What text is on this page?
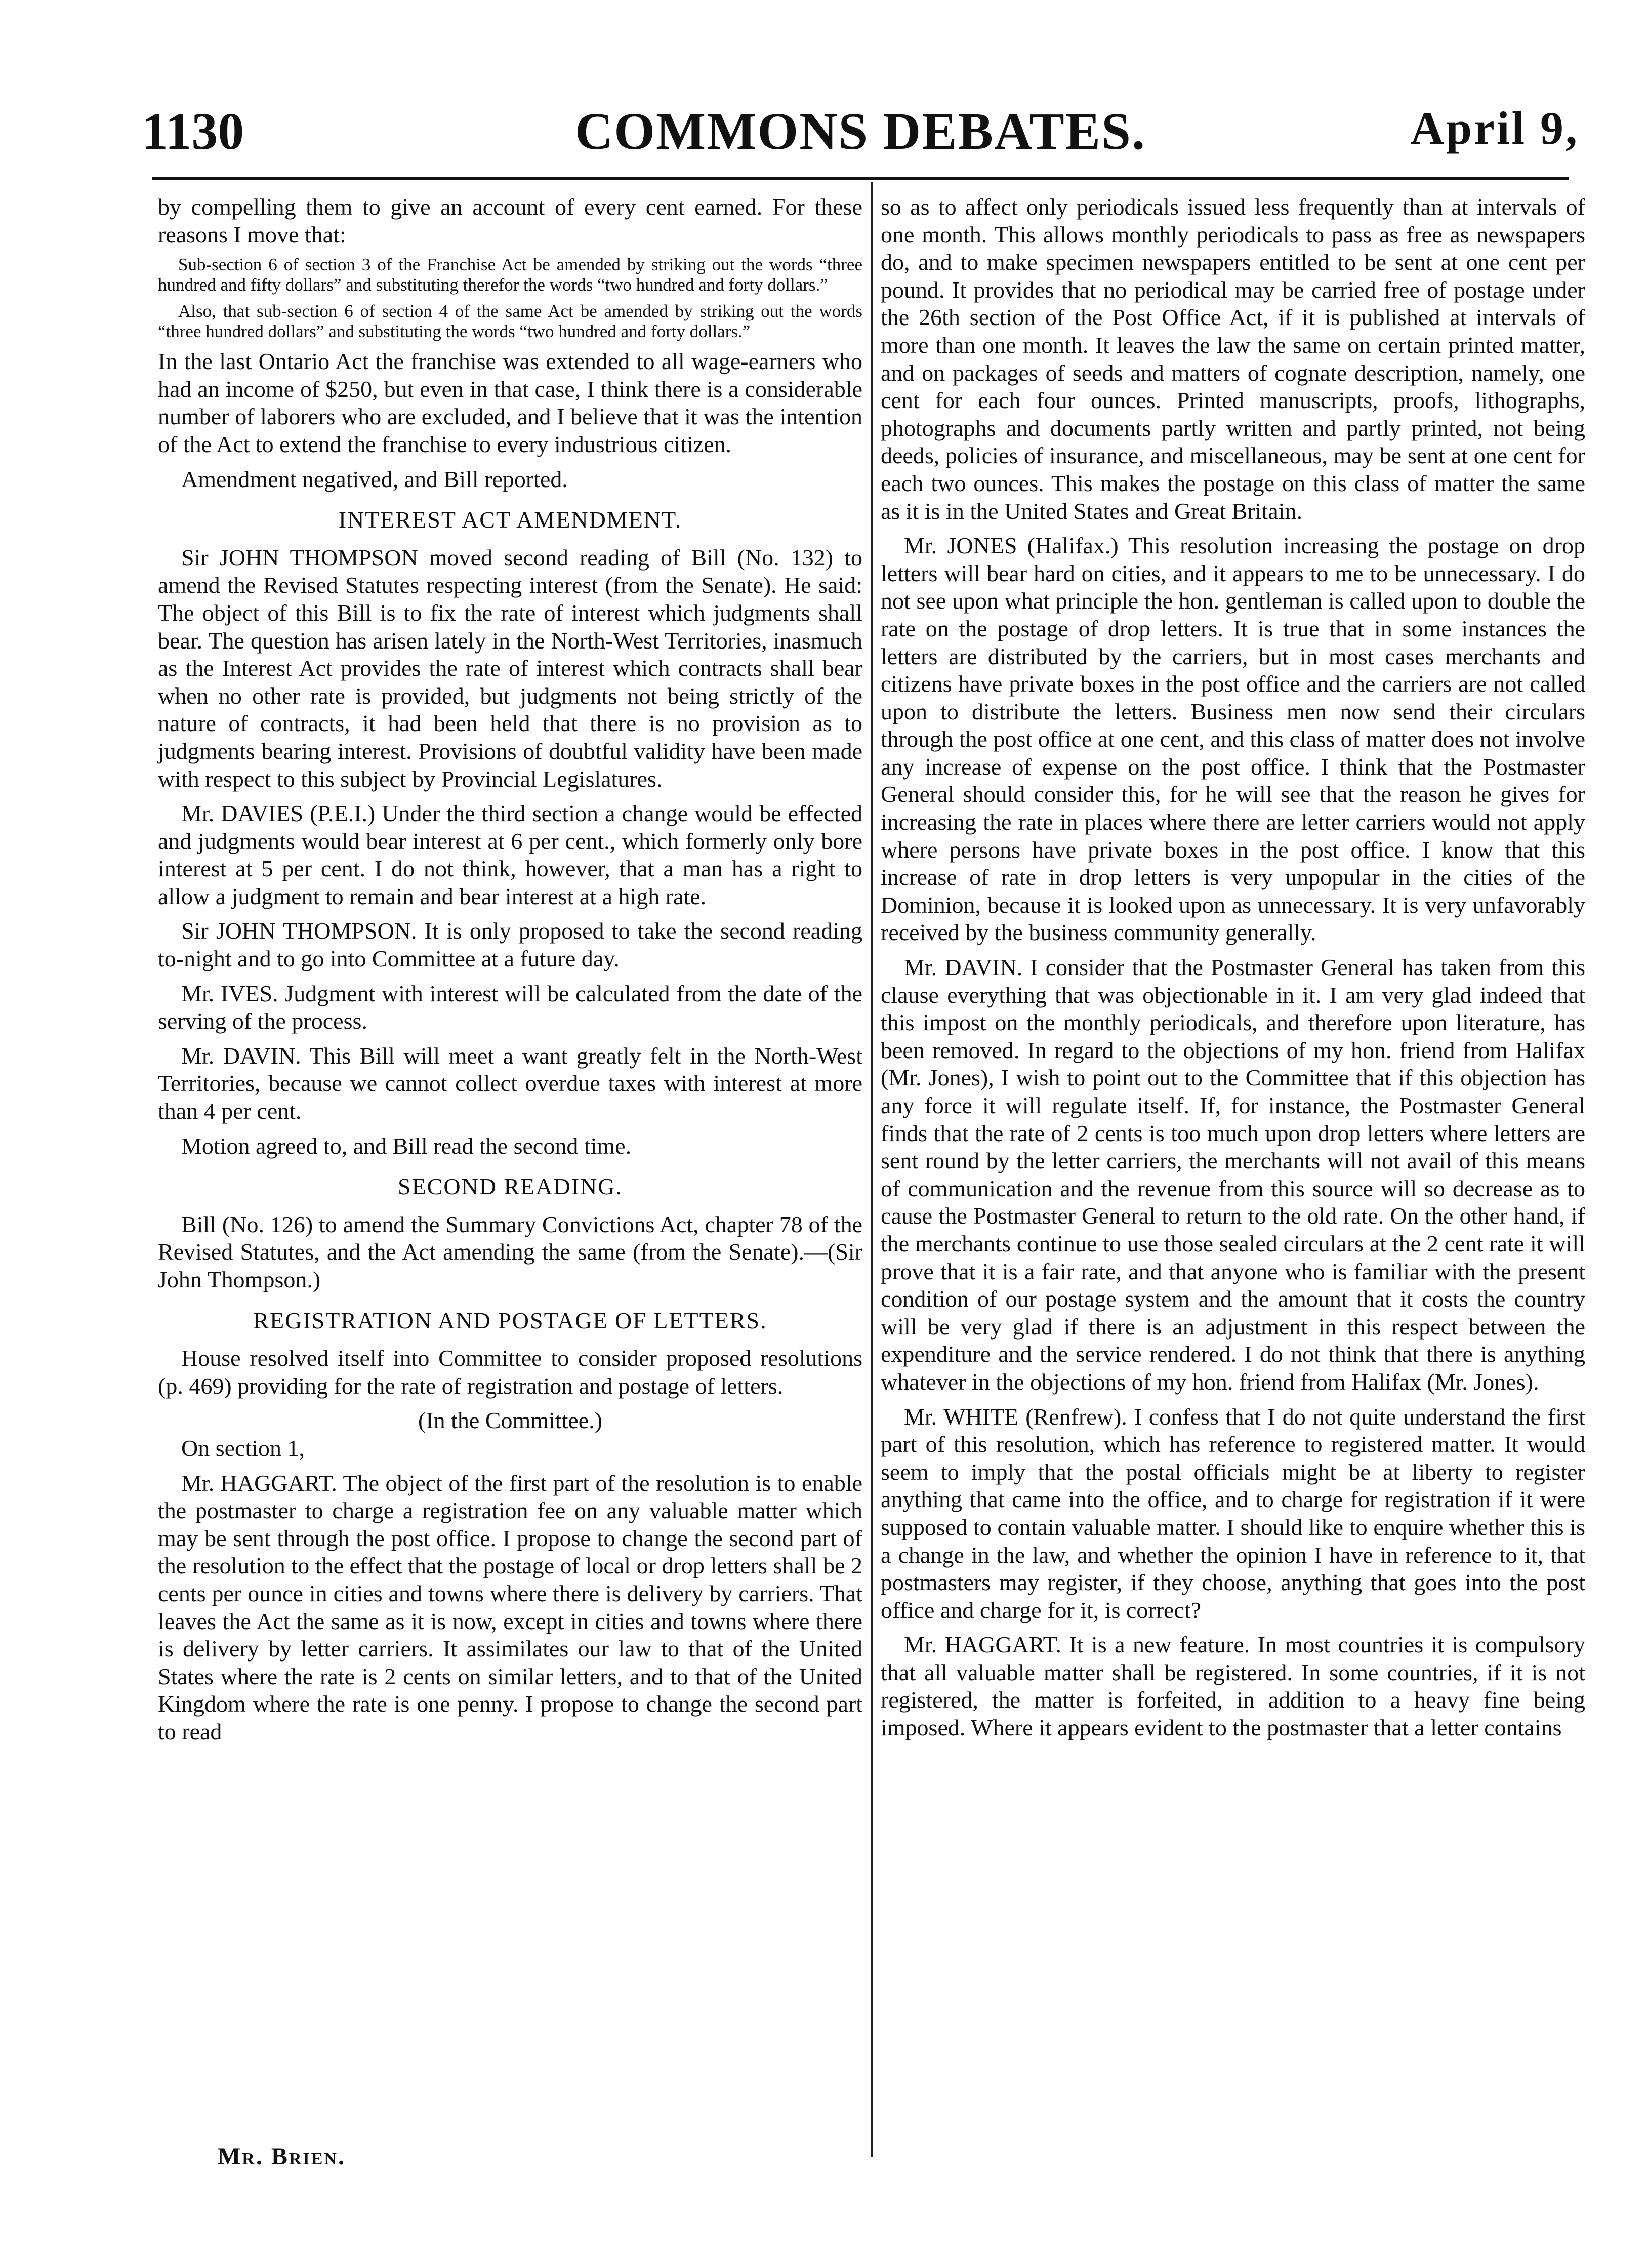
COMMONS DEBATES.
1130	April 9,

by compelling them to give an account of every cent earned. For these reasons I move that:

Sub-section 6 of section 3 of the Franchise Act be amended by striking out the words “three hundred and fifty dollars” and substituting therefor the words “two hundred and forty dollars.”

Also, that sub-section 6 of section 4 of the same Act be amended by striking out the words “three hundred dollars” and substituting the words “two hundred and forty dollars.”

In the last Ontario Act the franchise was extended to all wage-earners who had an income of $250, but even in that case, I think there is a considerable number of laborers who are excluded, and I believe that it was the intention of the Act to extend the franchise to every industrious citizen.

Amendment negatived, and Bill reported.

INTEREST ACT AMENDMENT.

Sir JOHN THOMPSON moved second reading of Bill (No. 132) to amend the Revised Statutes respecting interest (from the Senate). He said: The object of this Bill is to fix the rate of interest which judgments shall bear. The question has arisen lately in the North-West Territories, inasmuch as the Interest Act provides the rate of interest which contracts shall bear when no other rate is provided, but judgments not being strictly of the nature of contracts, it had been held that there is no provision as to judgments bearing interest. Provisions of doubtful validity have been made with respect to this subject by Provincial Legislatures.

Mr. DAVIES (P.E.I.) Under the third section a change would be effected and judgments would bear interest at 6 per cent., which formerly only bore interest at 5 per cent. I do not think, however, that a man has a right to allow a judgment to remain and bear interest at a high rate.

Sir JOHN THOMPSON. It is only proposed to take the second reading to-night and to go into Committee at a future day.

Mr. IVES. Judgment with interest will be calculated from the date of the serving of the process.

Mr. DAVIN. This Bill will meet a want greatly felt in the North-West Territories, because we cannot collect overdue taxes with interest at more than 4 per cent.

Motion agreed to, and Bill read the second time.

SECOND READING.

Bill (No. 126) to amend the Summary Convictions Act, chapter 78 of the Revised Statutes, and the Act amending the same (from the Senate).—(Sir John Thompson.)

REGISTRATION AND POSTAGE OF LETTERS.

House resolved itself into Committee to consider proposed resolutions (p. 469) providing for the rate of registration and postage of letters.

(In the Committee.)

On section 1,

Mr. HAGGART. The object of the first part of the resolution is to enable the postmaster to charge a registration fee on any valuable matter which may be sent through the post office. I propose to change the second part of the resolution to the effect that the postage of local or drop letters shall be 2 cents per ounce in cities and towns where there is delivery by carriers. That leaves the Act the same as it is now, except in cities and towns where there is delivery by letter carriers. It assimilates our law to that of the United States where the rate is 2 cents on similar letters, and to that of the United Kingdom where the rate is one penny. I propose to change the second part to read

so as to affect only periodicals issued less frequently than at intervals of one month. This allows monthly periodicals to pass as free as newspapers do, and to make specimen newspapers entitled to be sent at one cent per pound. It provides that no periodical may be carried free of postage under the 26th section of the Post Office Act, if it is published at intervals of more than one month. It leaves the law the same on certain printed matter, and on packages of seeds and matters of cognate description, namely, one cent for each four ounces. Printed manuscripts, proofs, lithographs, photographs and documents partly written and partly printed, not being deeds, policies of insurance, and miscellaneous, may be sent at one cent for each two ounces. This makes the postage on this class of matter the same as it is in the United States and Great Britain.

Mr. JONES (Halifax.) This resolution increasing the postage on drop letters will bear hard on cities, and it appears to me to be unnecessary. I do not see upon what principle the hon. gentleman is called upon to double the rate on the postage of drop letters. It is true that in some instances the letters are distributed by the carriers, but in most cases merchants and citizens have private boxes in the post office and the carriers are not called upon to distribute the letters. Business men now send their circulars through the post office at one cent, and this class of matter does not involve any increase of expense on the post office. I think that the Postmaster General should consider this, for he will see that the reason he gives for increasing the rate in places where there are letter carriers would not apply where persons have private boxes in the post office. I know that this increase of rate in drop letters is very unpopular in the cities of the Dominion, because it is looked upon as unnecessary. It is very unfavorably received by the business community generally.

Mr. DAVIN. I consider that the Postmaster General has taken from this clause everything that was objectionable in it. I am very glad indeed that this impost on the monthly periodicals, and therefore upon literature, has been removed. In regard to the objections of my hon. friend from Halifax (Mr. Jones), I wish to point out to the Committee that if this objection has any force it will regulate itself. If, for instance, the Postmaster General finds that the rate of 2 cents is too much upon drop letters where letters are sent round by the letter carriers, the merchants will not avail of this means of communication and the revenue from this source will so decrease as to cause the Postmaster General to return to the old rate. On the other hand, if the merchants continue to use those sealed circulars at the 2 cent rate it will prove that it is a fair rate, and that anyone who is familiar with the present condition of our postage system and the amount that it costs the country will be very glad if there is an adjustment in this respect between the expenditure and the service rendered. I do not think that there is anything whatever in the objections of my hon. friend from Halifax (Mr. Jones).

Mr. WHITE (Renfrew). I confess that I do not quite understand the first part of this resolution, which has reference to registered matter. It would seem to imply that the postal officials might be at liberty to register anything that came into the office, and to charge for registration if it were supposed to contain valuable matter. I should like to enquire whether this is a change in the law, and whether the opinion I have in reference to it, that postmasters may register, if they choose, anything that goes into the post office and charge for it, is correct?

Mr. HAGGART. It is a new feature. In most countries it is compulsory that all valuable matter shall be registered. In some countries, if it is not registered, the matter is forfeited, in addition to a heavy fine being imposed. Where it appears evident to the postmaster that a letter contains

Mr. Brien.
